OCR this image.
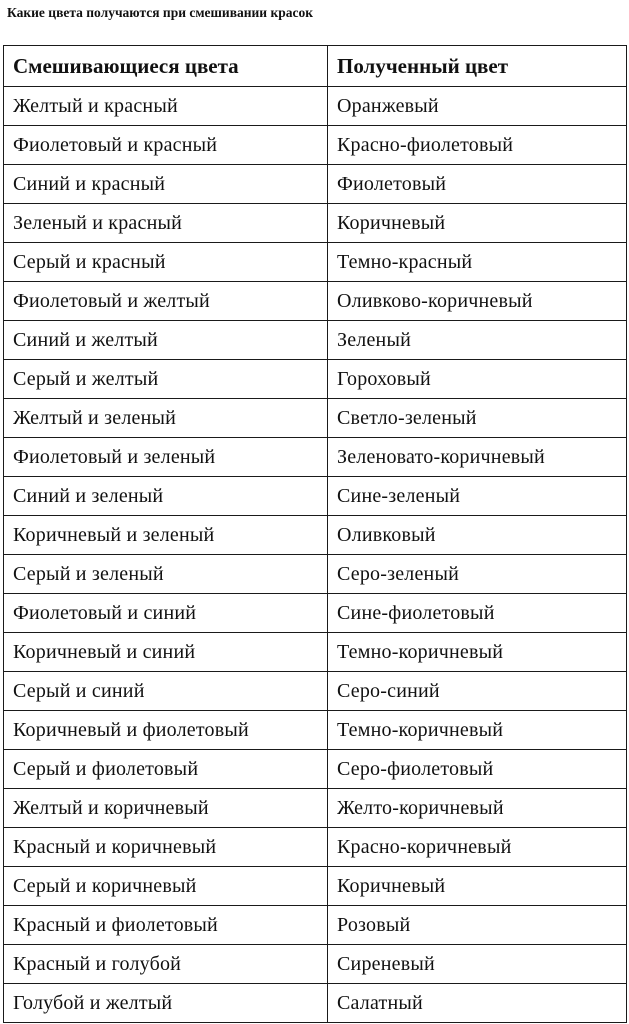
Какие цвета получаются при смешивании красок
Смешивающиеся цвета	Полученный цвет
Желтый и красный	Оранжевый
Фиолетовый и красный	Красно-фиолетовый
Синий и красный	Фиолетовый
Зеленый и красный	Коричневый
Серый и красный	Темно-красный
Фиолетовый и желтый	Оливково-коричневый
Синий и желтый	Зеленый
Серый и желтый	Гороховый
Желтый и зеленый	Светло-зеленый
Фиолетовый и зеленый	Зеленовато-коричневый
Синий и зеленый	Сине-зеленый
Коричневый и зеленый	Оливковый
Серый и зеленый	Серо-зеленый
Фиолетовый и синий	Сине-фиолетовый
Коричневый и синий	Темно-коричневый
Серый и синий	Серо-синий
Коричневый и фиолетовый	Темно-коричневый
Серый и фиолетовый	Серо-фиолетовый
Желтый и коричневый	Желто-коричневый
Красный и коричневый	Красно-коричневый
Серый и коричневый	Коричневый
Красный и фиолетовый	Розовый
Красный и голубой	Сиреневый
Голубой и желтый	Салатный
